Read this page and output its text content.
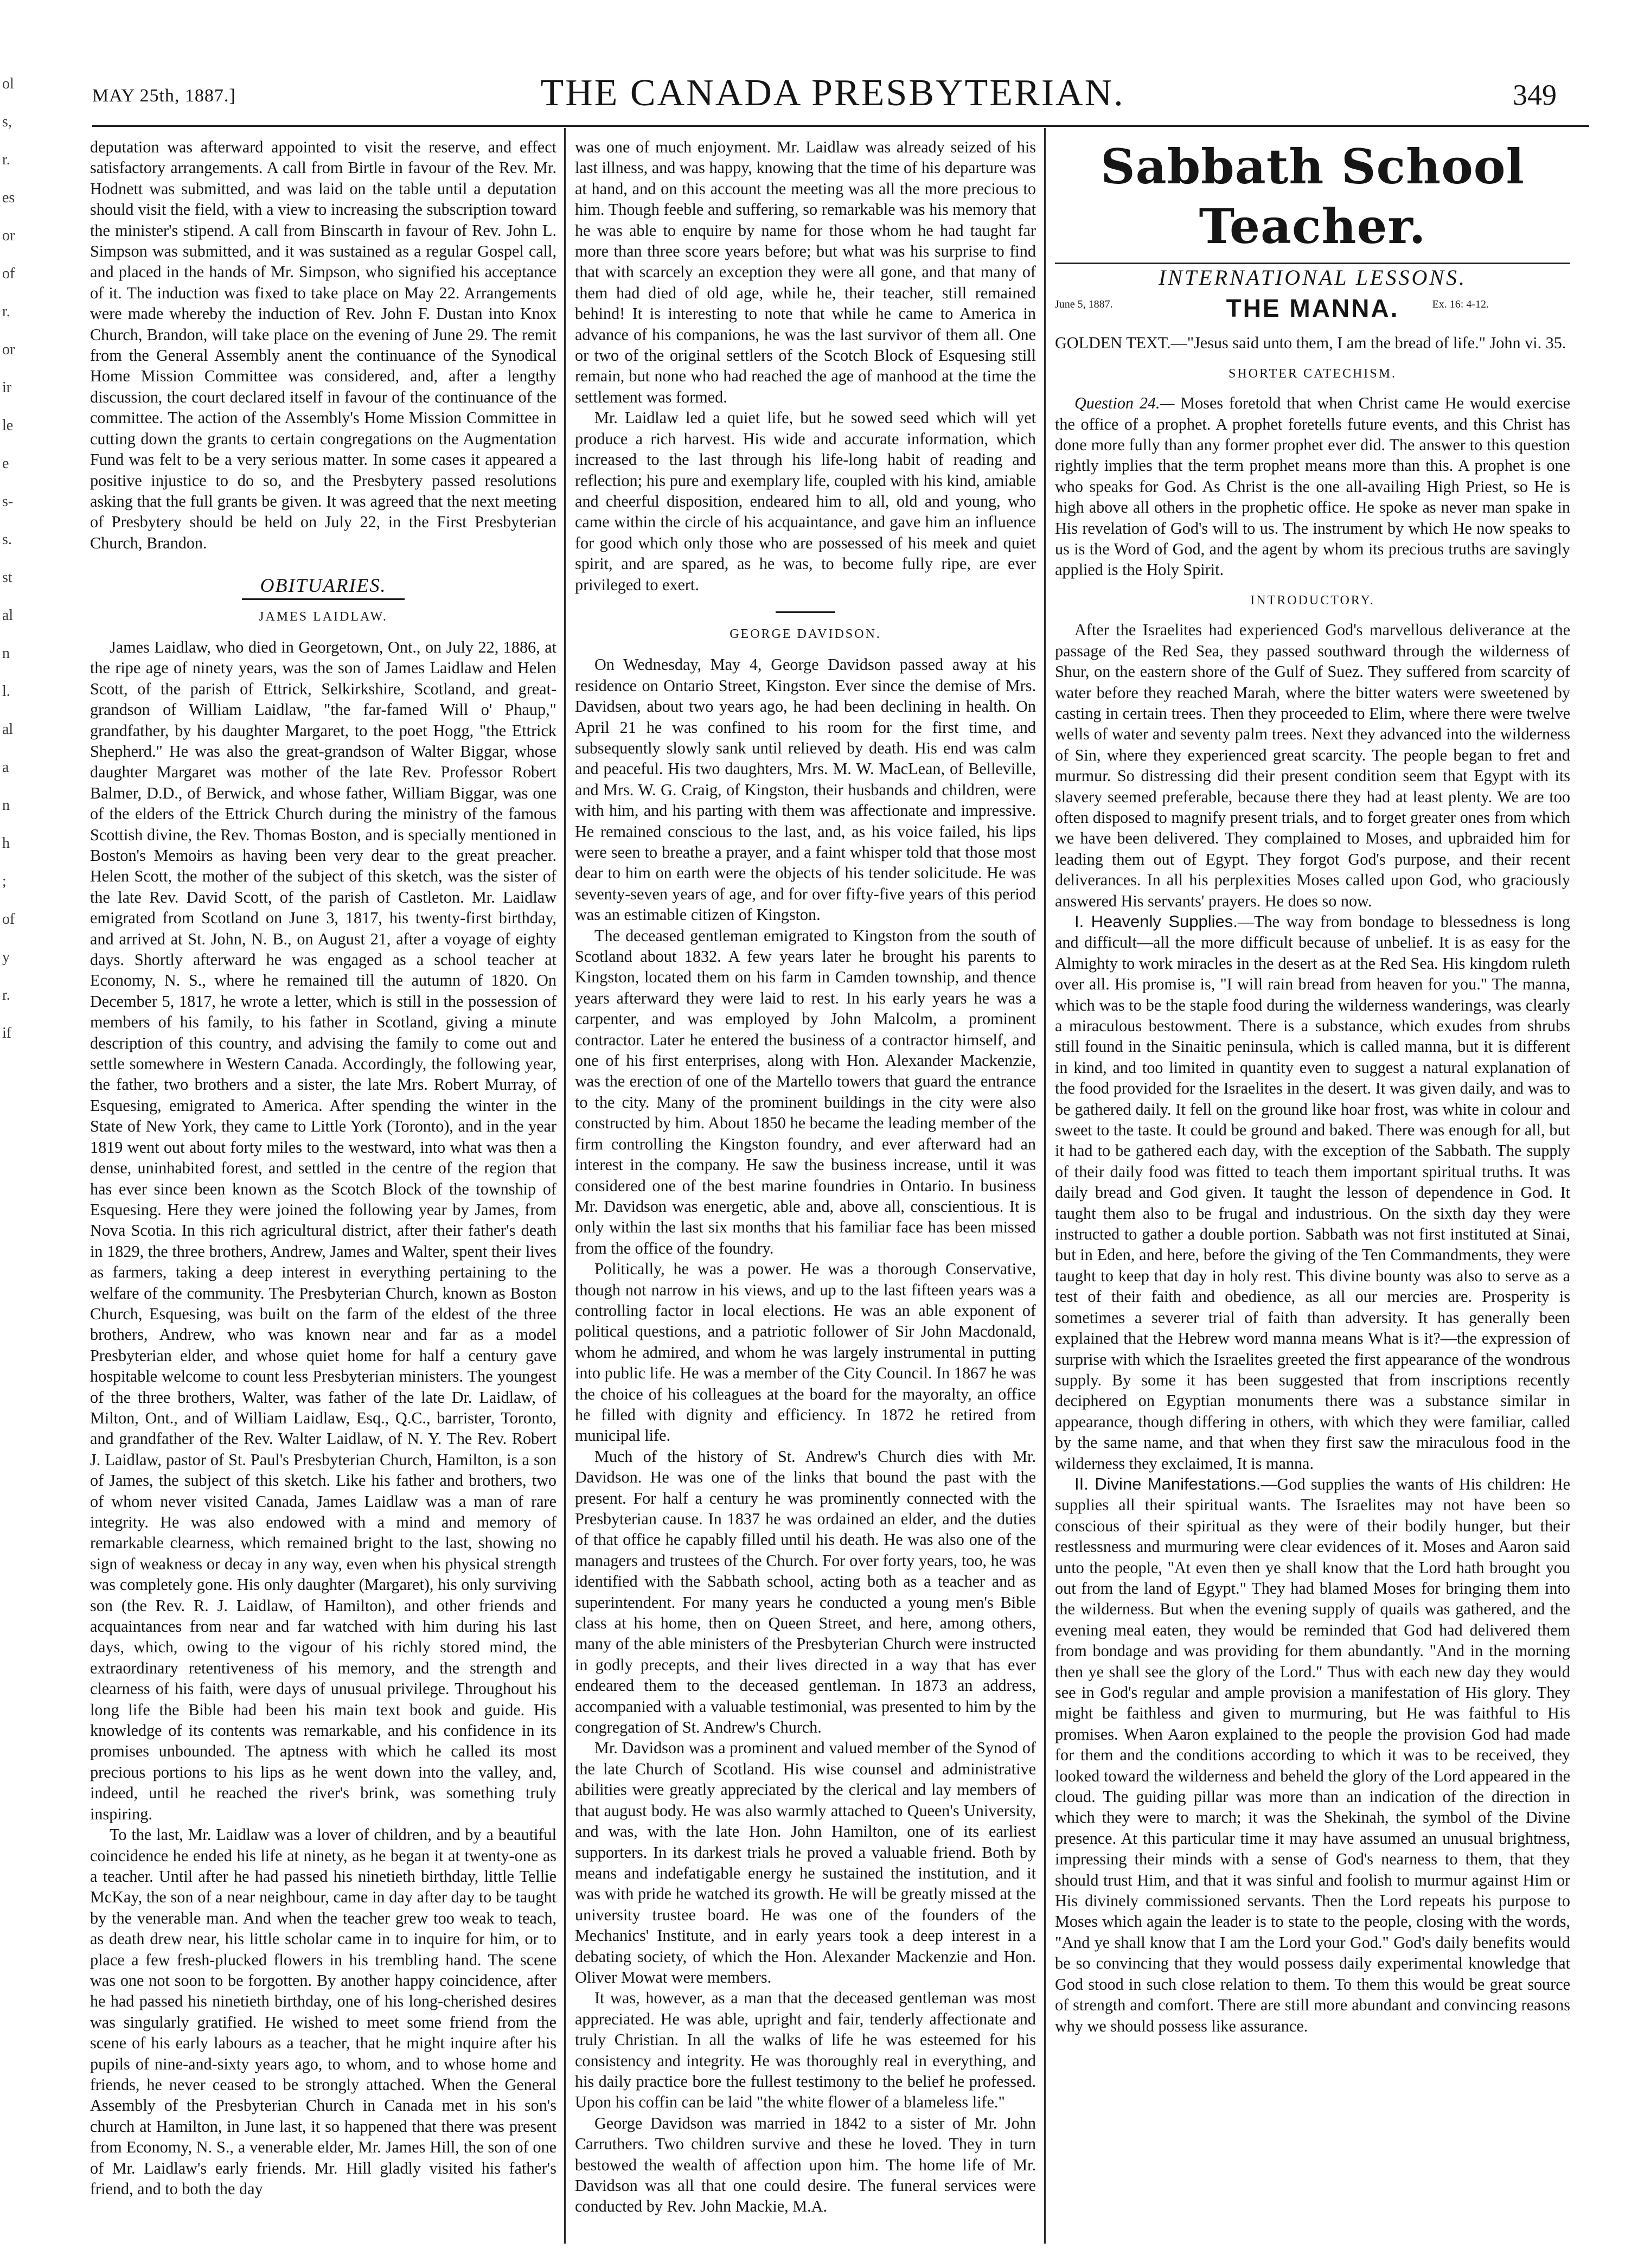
ol
s,
r.
es
or
of
r.
or
ir
le
e
s-
s.
st
al
n
l.
al
a
n
h
;
of
y
r.
if
MAY 25th, 1887.]	THE CANADA PRESBYTERIAN.	349

deputation was afterward appointed to visit the reserve, and effect satisfactory arrangements. A call from Birtle in favour of the Rev. Mr. Hodnett was submitted, and was laid on the table until a deputation should visit the field, with a view to increasing the subscription toward the minister's stipend. A call from Binscarth in favour of Rev. John L. Simpson was submitted, and it was sustained as a regular Gospel call, and placed in the hands of Mr. Simpson, who signified his acceptance of it. The induction was fixed to take place on May 22. Arrangements were made whereby the induction of Rev. John F. Dustan into Knox Church, Brandon, will take place on the evening of June 29. The remit from the General Assembly anent the continuance of the Synodical Home Mission Committee was considered, and, after a lengthy discussion, the court declared itself in favour of the continuance of the committee. The action of the Assembly's Home Mission Committee in cutting down the grants to certain congregations on the Augmentation Fund was felt to be a very serious matter. In some cases it appeared a positive injustice to do so, and the Presbytery passed resolutions asking that the full grants be given. It was agreed that the next meeting of Presbytery should be held on July 22, in the First Presbyterian Church, Brandon.

OBITUARIES.
JAMES LAIDLAW.

James Laidlaw, who died in Georgetown, Ont., on July 22, 1886, at the ripe age of ninety years, was the son of James Laidlaw and Helen Scott, of the parish of Ettrick, Selkirkshire, Scotland, and great-grandson of William Laidlaw, "the far-famed Will o' Phaup," grandfather, by his daughter Margaret, to the poet Hogg, "the Ettrick Shepherd." He was also the great-grandson of Walter Biggar, whose daughter Margaret was mother of the late Rev. Professor Robert Balmer, D.D., of Berwick, and whose father, William Biggar, was one of the elders of the Ettrick Church during the ministry of the famous Scottish divine, the Rev. Thomas Boston, and is specially mentioned in Boston's Memoirs as having been very dear to the great preacher. Helen Scott, the mother of the subject of this sketch, was the sister of the late Rev. David Scott, of the parish of Castleton. Mr. Laidlaw emigrated from Scotland on June 3, 1817, his twenty-first birthday, and arrived at St. John, N. B., on August 21, after a voyage of eighty days. Shortly afterward he was engaged as a school teacher at Economy, N. S., where he remained till the autumn of 1820. On December 5, 1817, he wrote a letter, which is still in the possession of members of his family, to his father in Scotland, giving a minute description of this country, and advising the family to come out and settle somewhere in Western Canada. Accordingly, the following year, the father, two brothers and a sister, the late Mrs. Robert Murray, of Esquesing, emigrated to America. After spending the winter in the State of New York, they came to Little York (Toronto), and in the year 1819 went out about forty miles to the westward, into what was then a dense, uninhabited forest, and settled in the centre of the region that has ever since been known as the Scotch Block of the township of Esquesing. Here they were joined the following year by James, from Nova Scotia. In this rich agricultural district, after their father's death in 1829, the three brothers, Andrew, James and Walter, spent their lives as farmers, taking a deep interest in everything pertaining to the welfare of the community. The Presbyterian Church, known as Boston Church, Esquesing, was built on the farm of the eldest of the three brothers, Andrew, who was known near and far as a model Presbyterian elder, and whose quiet home for half a century gave hospitable welcome to count less Presbyterian ministers. The youngest of the three brothers, Walter, was father of the late Dr. Laidlaw, of Milton, Ont., and of William Laidlaw, Esq., Q.C., barrister, Toronto, and grandfather of the Rev. Walter Laidlaw, of N. Y. The Rev. Robert J. Laidlaw, pastor of St. Paul's Presbyterian Church, Hamilton, is a son of James, the subject of this sketch. Like his father and brothers, two of whom never visited Canada, James Laidlaw was a man of rare integrity. He was also endowed with a mind and memory of remarkable clearness, which remained bright to the last, showing no sign of weakness or decay in any way, even when his physical strength was completely gone. His only daughter (Margaret), his only surviving son (the Rev. R. J. Laidlaw, of Hamilton), and other friends and acquaintances from near and far watched with him during his last days, which, owing to the vigour of his richly stored mind, the extraordinary retentiveness of his memory, and the strength and clearness of his faith, were days of unusual privilege. Throughout his long life the Bible had been his main text book and guide. His knowledge of its contents was remarkable, and his confidence in its promises unbounded. The aptness with which he called its most precious portions to his lips as he went down into the valley, and, indeed, until he reached the river's brink, was something truly inspiring.

To the last, Mr. Laidlaw was a lover of children, and by a beautiful coincidence he ended his life at ninety, as he began it at twenty-one as a teacher. Until after he had passed his ninetieth birthday, little Tellie McKay, the son of a near neighbour, came in day after day to be taught by the venerable man. And when the teacher grew too weak to teach, as death drew near, his little scholar came in to inquire for him, or to place a few fresh-plucked flowers in his trembling hand. The scene was one not soon to be forgotten. By another happy coincidence, after he had passed his ninetieth birthday, one of his long-cherished desires was singularly gratified. He wished to meet some friend from the scene of his early labours as a teacher, that he might inquire after his pupils of nine-and-sixty years ago, to whom, and to whose home and friends, he never ceased to be strongly attached. When the General Assembly of the Presbyterian Church in Canada met in his son's church at Hamilton, in June last, it so happened that there was present from Economy, N. S., a venerable elder, Mr. James Hill, the son of one of Mr. Laidlaw's early friends. Mr. Hill gladly visited his father's friend, and to both the day

was one of much enjoyment. Mr. Laidlaw was already seized of his last illness, and was happy, knowing that the time of his departure was at hand, and on this account the meeting was all the more precious to him. Though feeble and suffering, so remarkable was his memory that he was able to enquire by name for those whom he had taught far more than three score years before; but what was his surprise to find that with scarcely an exception they were all gone, and that many of them had died of old age, while he, their teacher, still remained behind! It is interesting to note that while he came to America in advance of his companions, he was the last survivor of them all. One or two of the original settlers of the Scotch Block of Esquesing still remain, but none who had reached the age of manhood at the time the settlement was formed.

Mr. Laidlaw led a quiet life, but he sowed seed which will yet produce a rich harvest. His wide and accurate information, which increased to the last through his life-long habit of reading and reflection; his pure and exemplary life, coupled with his kind, amiable and cheerful disposition, endeared him to all, old and young, who came within the circle of his acquaintance, and gave him an influence for good which only those who are possessed of his meek and quiet spirit, and are spared, as he was, to become fully ripe, are ever privileged to exert.

GEORGE DAVIDSON.

On Wednesday, May 4, George Davidson passed away at his residence on Ontario Street, Kingston. Ever since the demise of Mrs. Davidsen, about two years ago, he had been declining in health. On April 21 he was confined to his room for the first time, and subsequently slowly sank until relieved by death. His end was calm and peaceful. His two daughters, Mrs. M. W. MacLean, of Belleville, and Mrs. W. G. Craig, of Kingston, their husbands and children, were with him, and his parting with them was affectionate and impressive. He remained conscious to the last, and, as his voice failed, his lips were seen to breathe a prayer, and a faint whisper told that those most dear to him on earth were the objects of his tender solicitude. He was seventy-seven years of age, and for over fifty-five years of this period was an estimable citizen of Kingston.

The deceased gentleman emigrated to Kingston from the south of Scotland about 1832. A few years later he brought his parents to Kingston, located them on his farm in Camden township, and thence years afterward they were laid to rest. In his early years he was a carpenter, and was employed by John Malcolm, a prominent contractor. Later he entered the business of a contractor himself, and one of his first enterprises, along with Hon. Alexander Mackenzie, was the erection of one of the Martello towers that guard the entrance to the city. Many of the prominent buildings in the city were also constructed by him. About 1850 he became the leading member of the firm controlling the Kingston foundry, and ever afterward had an interest in the company. He saw the business increase, until it was considered one of the best marine foundries in Ontario. In business Mr. Davidson was energetic, able and, above all, conscientious. It is only within the last six months that his familiar face has been missed from the office of the foundry.

Politically, he was a power. He was a thorough Conservative, though not narrow in his views, and up to the last fifteen years was a controlling factor in local elections. He was an able exponent of political questions, and a patriotic follower of Sir John Macdonald, whom he admired, and whom he was largely instrumental in putting into public life. He was a member of the City Council. In 1867 he was the choice of his colleagues at the board for the mayoralty, an office he filled with dignity and efficiency. In 1872 he retired from municipal life.

Much of the history of St. Andrew's Church dies with Mr. Davidson. He was one of the links that bound the past with the present. For half a century he was prominently connected with the Presbyterian cause. In 1837 he was ordained an elder, and the duties of that office he capably filled until his death. He was also one of the managers and trustees of the Church. For over forty years, too, he was identified with the Sabbath school, acting both as a teacher and as superintendent. For many years he conducted a young men's Bible class at his home, then on Queen Street, and here, among others, many of the able ministers of the Presbyterian Church were instructed in godly precepts, and their lives directed in a way that has ever endeared them to the deceased gentleman. In 1873 an address, accompanied with a valuable testimonial, was presented to him by the congregation of St. Andrew's Church.

Mr. Davidson was a prominent and valued member of the Synod of the late Church of Scotland. His wise counsel and administrative abilities were greatly appreciated by the clerical and lay members of that august body. He was also warmly attached to Queen's University, and was, with the late Hon. John Hamilton, one of its earliest supporters. In its darkest trials he proved a valuable friend. Both by means and indefatigable energy he sustained the institution, and it was with pride he watched its growth. He will be greatly missed at the university trustee board. He was one of the founders of the Mechanics' Institute, and in early years took a deep interest in a debating society, of which the Hon. Alexander Mackenzie and Hon. Oliver Mowat were members.

It was, however, as a man that the deceased gentleman was most appreciated. He was able, upright and fair, tenderly affectionate and truly Christian. In all the walks of life he was esteemed for his consistency and integrity. He was thoroughly real in everything, and his daily practice bore the fullest testimony to the belief he professed. Upon his coffin can be laid "the white flower of a blameless life."

George Davidson was married in 1842 to a sister of Mr. John Carruthers. Two children survive and these he loved. They in turn bestowed the wealth of affection upon him. The home life of Mr. Davidson was all that one could desire. The funeral services were conducted by Rev. John Mackie, M.A.

Sabbath School Teacher.
INTERNATIONAL LESSONS.
June 5, 1887.	THE MANNA.	Ex. 16: 4-12.

GOLDEN TEXT.—"Jesus said unto them, I am the bread of life." John vi. 35.

SHORTER CATECHISM.

Question 24.— Moses foretold that when Christ came He would exercise the office of a prophet. A prophet foretells future events, and this Christ has done more fully than any former prophet ever did. The answer to this question rightly implies that the term prophet means more than this. A prophet is one who speaks for God. As Christ is the one all-availing High Priest, so He is high above all others in the prophetic office. He spoke as never man spake in His revelation of God's will to us. The instrument by which He now speaks to us is the Word of God, and the agent by whom its precious truths are savingly applied is the Holy Spirit.

INTRODUCTORY.

After the Israelites had experienced God's marvellous deliverance at the passage of the Red Sea, they passed southward through the wilderness of Shur, on the eastern shore of the Gulf of Suez. They suffered from scarcity of water before they reached Marah, where the bitter waters were sweetened by casting in certain trees. Then they proceeded to Elim, where there were twelve wells of water and seventy palm trees. Next they advanced into the wilderness of Sin, where they experienced great scarcity. The people began to fret and murmur. So distressing did their present condition seem that Egypt with its slavery seemed preferable, because there they had at least plenty. We are too often disposed to magnify present trials, and to forget greater ones from which we have been delivered. They complained to Moses, and upbraided him for leading them out of Egypt. They forgot God's purpose, and their recent deliverances. In all his perplexities Moses called upon God, who graciously answered His servants' prayers. He does so now.

I. Heavenly Supplies.—The way from bondage to blessedness is long and difficult—all the more difficult because of unbelief. It is as easy for the Almighty to work miracles in the desert as at the Red Sea. His kingdom ruleth over all. His promise is, "I will rain bread from heaven for you." The manna, which was to be the staple food during the wilderness wanderings, was clearly a miraculous bestowment. There is a substance, which exudes from shrubs still found in the Sinaitic peninsula, which is called manna, but it is different in kind, and too limited in quantity even to suggest a natural explanation of the food provided for the Israelites in the desert. It was given daily, and was to be gathered daily. It fell on the ground like hoar frost, was white in colour and sweet to the taste. It could be ground and baked. There was enough for all, but it had to be gathered each day, with the exception of the Sabbath. The supply of their daily food was fitted to teach them important spiritual truths. It was daily bread and God given. It taught the lesson of dependence in God. It taught them also to be frugal and industrious. On the sixth day they were instructed to gather a double portion. Sabbath was not first instituted at Sinai, but in Eden, and here, before the giving of the Ten Commandments, they were taught to keep that day in holy rest. This divine bounty was also to serve as a test of their faith and obedience, as all our mercies are. Prosperity is sometimes a severer trial of faith than adversity. It has generally been explained that the Hebrew word manna means What is it?—the expression of surprise with which the Israelites greeted the first appearance of the wondrous supply. By some it has been suggested that from inscriptions recently deciphered on Egyptian monuments there was a substance similar in appearance, though differing in others, with which they were familiar, called by the same name, and that when they first saw the miraculous food in the wilderness they exclaimed, It is manna.

II. Divine Manifestations.—God supplies the wants of His children: He supplies all their spiritual wants. The Israelites may not have been so conscious of their spiritual as they were of their bodily hunger, but their restlessness and murmuring were clear evidences of it. Moses and Aaron said unto the people, "At even then ye shall know that the Lord hath brought you out from the land of Egypt." They had blamed Moses for bringing them into the wilderness. But when the evening supply of quails was gathered, and the evening meal eaten, they would be reminded that God had delivered them from bondage and was providing for them abundantly. "And in the morning then ye shall see the glory of the Lord." Thus with each new day they would see in God's regular and ample provision a manifestation of His glory. They might be faithless and given to murmuring, but He was faithful to His promises. When Aaron explained to the people the provision God had made for them and the conditions according to which it was to be received, they looked toward the wilderness and beheld the glory of the Lord appeared in the cloud. The guiding pillar was more than an indication of the direction in which they were to march; it was the Shekinah, the symbol of the Divine presence. At this particular time it may have assumed an unusual brightness, impressing their minds with a sense of God's nearness to them, that they should trust Him, and that it was sinful and foolish to murmur against Him or His divinely commissioned servants. Then the Lord repeats his purpose to Moses which again the leader is to state to the people, closing with the words, "And ye shall know that I am the Lord your God." God's daily benefits would be so convincing that they would possess daily experimental knowledge that God stood in such close relation to them. To them this would be great source of strength and comfort. There are still more abundant and convincing reasons why we should possess like assurance.
